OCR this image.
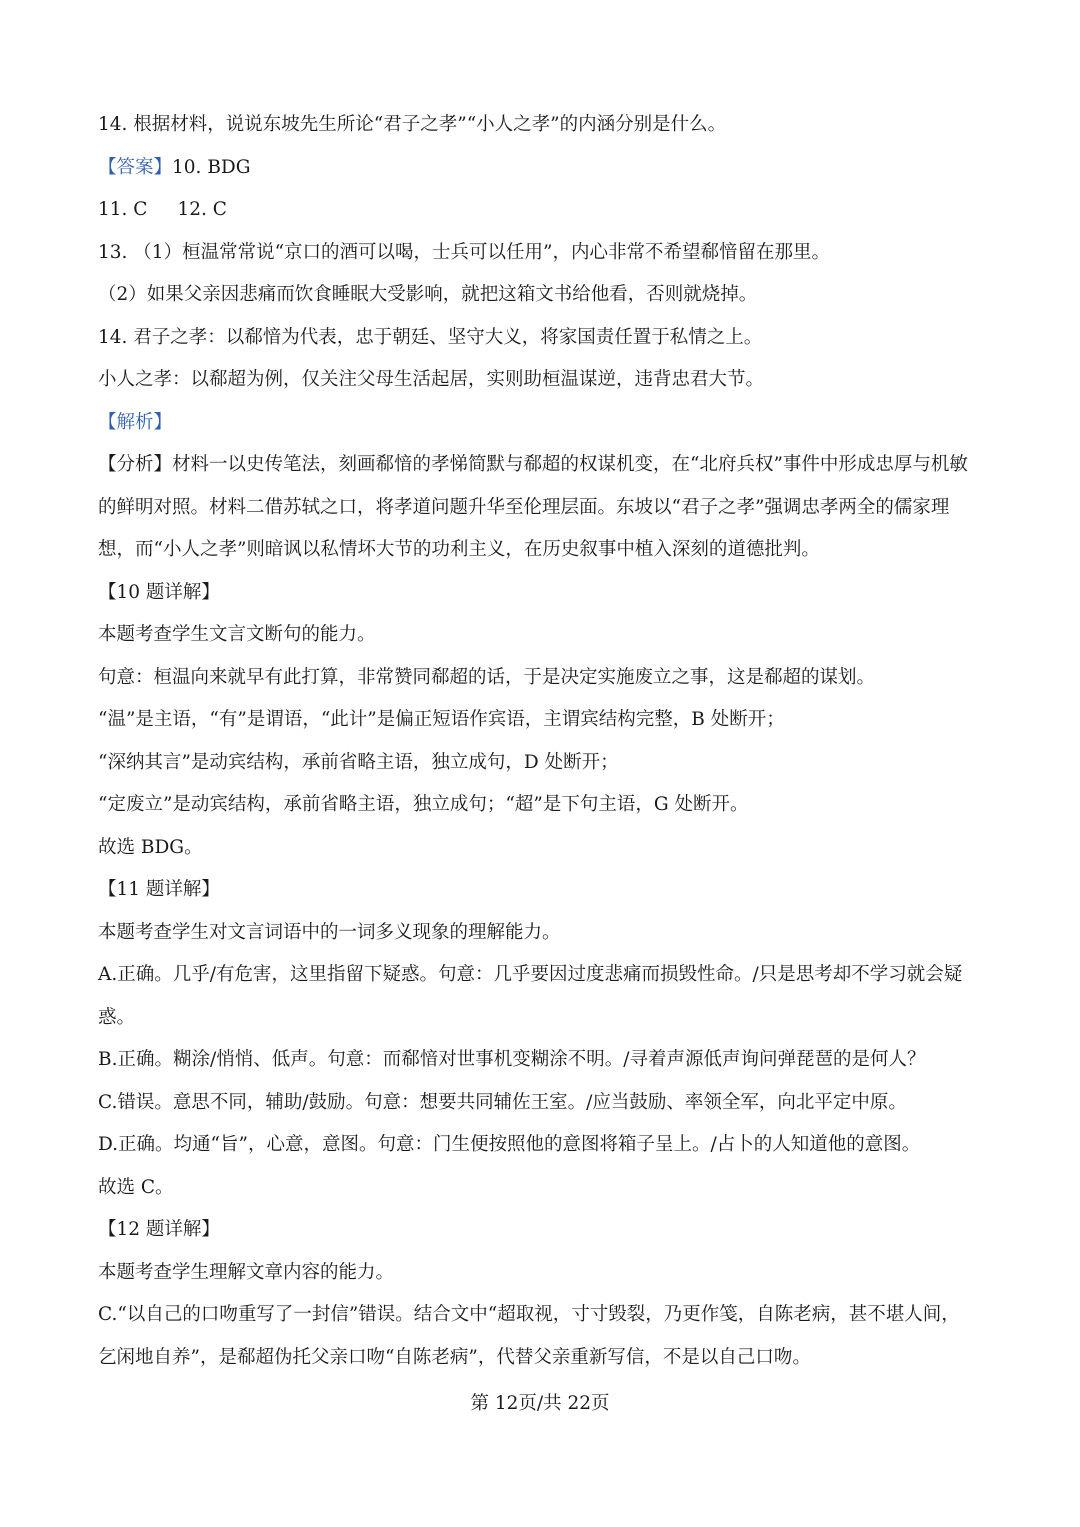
14. 根据材料，说说东坡先生所论“君子之孝”“小人之孝”的内涵分别是什么。
【答案】10. BDG
11. C 12. C
13. （1）桓温常常说“京口的酒可以喝，士兵可以任用”，内心非常不希望郗愔留在那里。
（2）如果父亲因悲痛而饮食睡眠大受影响，就把这箱文书给他看，否则就烧掉。
14. 君子之孝：以郗愔为代表，忠于朝廷、坚守大义，将家国责任置于私情之上。
小人之孝：以郗超为例，仅关注父母生活起居，实则助桓温谋逆，违背忠君大节。
【解析】
【分析】材料一以史传笔法，刻画郗愔的孝悌简默与郗超的权谋机变，在“北府兵权”事件中形成忠厚与机敏的鲜明对照。材料二借苏轼之口，将孝道问题升华至伦理层面。东坡以“君子之孝”强调忠孝两全的儒家理想，而“小人之孝”则暗讽以私情坏大节的功利主义，在历史叙事中植入深刻的道德批判。
【10 题详解】
本题考查学生文言文断句的能力。
句意：桓温向来就早有此打算，非常赞同郗超的话，于是决定实施废立之事，这是郗超的谋划。
“温”是主语，“有”是谓语，“此计”是偏正短语作宾语，主谓宾结构完整，B 处断开；
“深纳其言”是动宾结构，承前省略主语，独立成句，D 处断开；
“定废立”是动宾结构，承前省略主语，独立成句；“超”是下句主语，G 处断开。
故选 BDG。
【11 题详解】
本题考查学生对文言词语中的一词多义现象的理解能力。
A.正确。几乎/有危害，这里指留下疑惑。句意：几乎要因过度悲痛而损毁性命。/只是思考却不学习就会疑惑。
B.正确。糊涂/悄悄、低声。句意：而郗愔对世事机变糊涂不明。/寻着声源低声询问弹琵琶的是何人？
C.错误。意思不同，辅助/鼓励。句意：想要共同辅佐王室。/应当鼓励、率领全军，向北平定中原。
D.正确。均通“旨”，心意，意图。句意：门生便按照他的意图将箱子呈上。/占卜的人知道他的意图。
故选 C。
【12 题详解】
本题考查学生理解文章内容的能力。
C.“以自己的口吻重写了一封信”错误。结合文中“超取视，寸寸毁裂，乃更作笺，自陈老病，甚不堪人间，乞闲地自养”，是郗超伪托父亲口吻“自陈老病”，代替父亲重新写信，不是以自己口吻。
第 12页/共 22页
